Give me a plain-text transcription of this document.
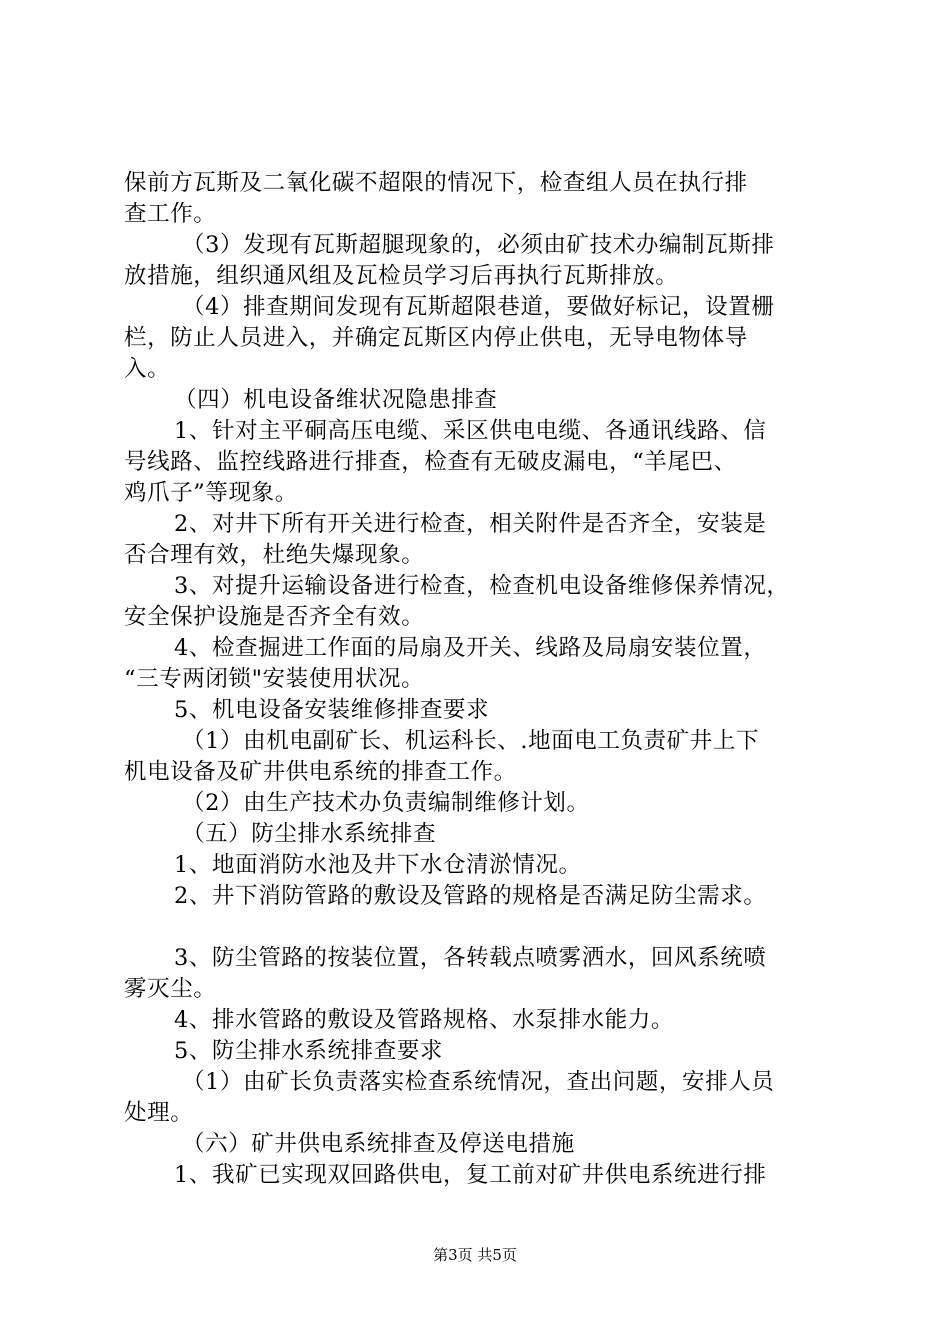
保前方瓦斯及二氧化碳不超限的情况下，检查组人员在执行排
查工作。
（3）发现有瓦斯超腿现象的，必须由矿技术办编制瓦斯排
放措施，组织通风组及瓦检员学习后再执行瓦斯排放。
（4）排查期间发现有瓦斯超限巷道，要做好标记，设置栅
栏，防止人员进入，并确定瓦斯区内停止供电，无导电物体导
入。
（四）机电设备维状况隐患排查
1、针对主平硐高压电缆、采区供电电缆、各通讯线路、信
号线路、监控线路进行排查，检查有无破皮漏电，“羊尾巴、
鸡爪子”等现象。
2、对井下所有开关进行检查，相关附件是否齐全，安装是
否合理有效，杜绝失爆现象。
3、对提升运输设备进行检查，检查机电设备维修保养情况，
安全保护设施是否齐全有效。
4、检查掘进工作面的局扇及开关、线路及局扇安装位置，
“三专两闭锁"安装使用状况。
5、机电设备安装维修排查要求
（1）由机电副矿长、机运科长、.地面电工负责矿井上下
机电设备及矿井供电系统的排查工作。
（2）由生产技术办负责编制维修计划。
（五）防尘排水系统排查
1、地面消防水池及井下水仓清淤情况。
2、井下消防管路的敷设及管路的规格是否满足防尘需求。
3、防尘管路的按装位置，各转载点喷雾洒水，回风系统喷
雾灭尘。
4、排水管路的敷设及管路规格、水泵排水能力。
5、防尘排水系统排查要求
（1）由矿长负责落实检查系统情况，查出问题，安排人员
处理。
（六）矿井供电系统排查及停送电措施
1、我矿已实现双回路供电，复工前对矿井供电系统进行排
第3页 共5页
